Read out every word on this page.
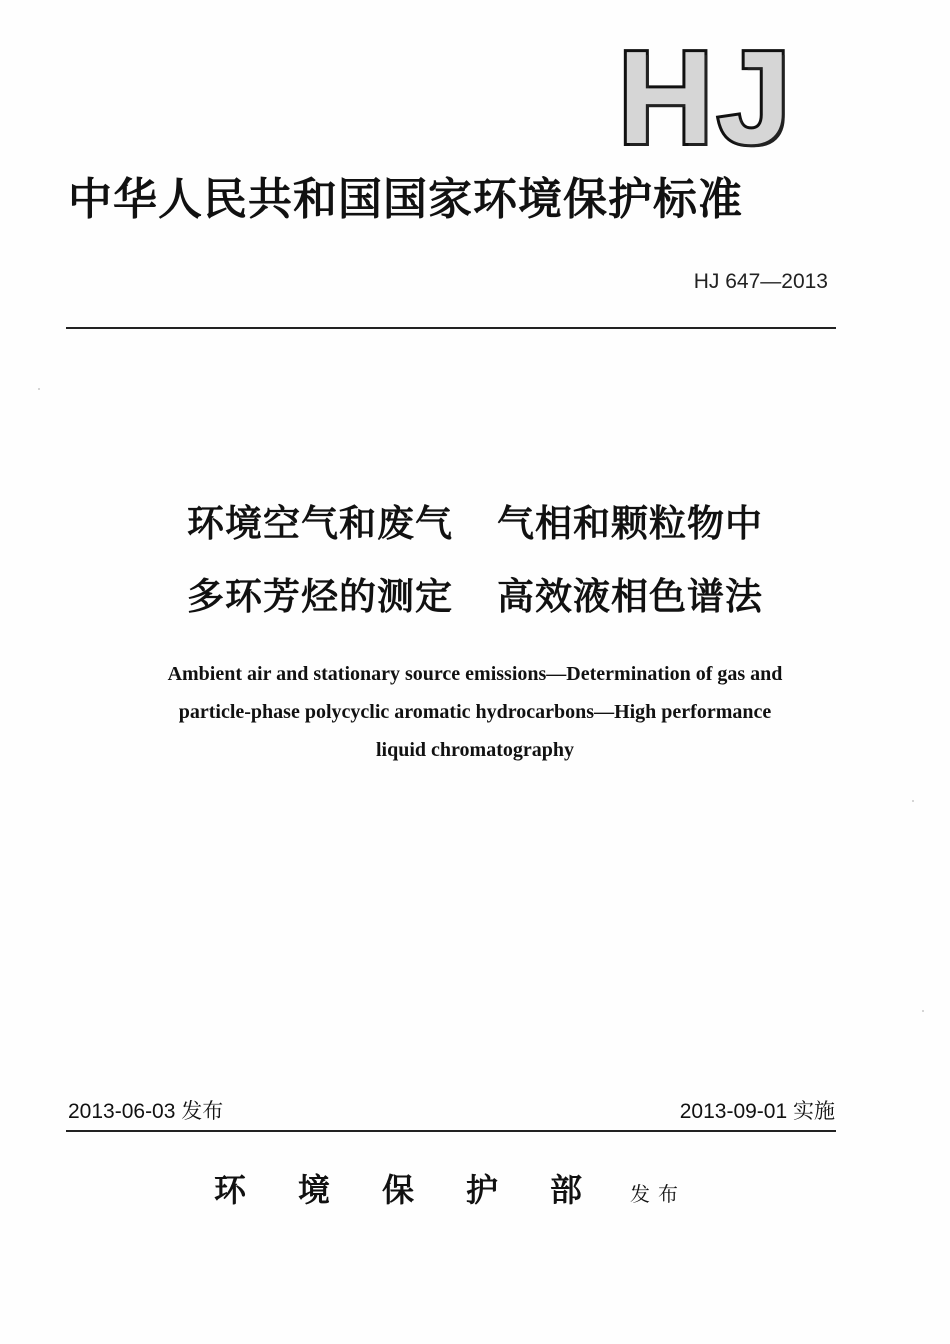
HJ
中华人民共和国国家环境保护标准
HJ 647—2013
环境空气和废气 气相和颗粒物中
多环芳烃的测定 高效液相色谱法
Ambient air and stationary source emissions—Determination of gas and
particle-phase polycyclic aromatic hydrocarbons—High performance
liquid chromatography
2013-06-03 发布	2013-09-01 实施
环	境	保	护	部	发布
